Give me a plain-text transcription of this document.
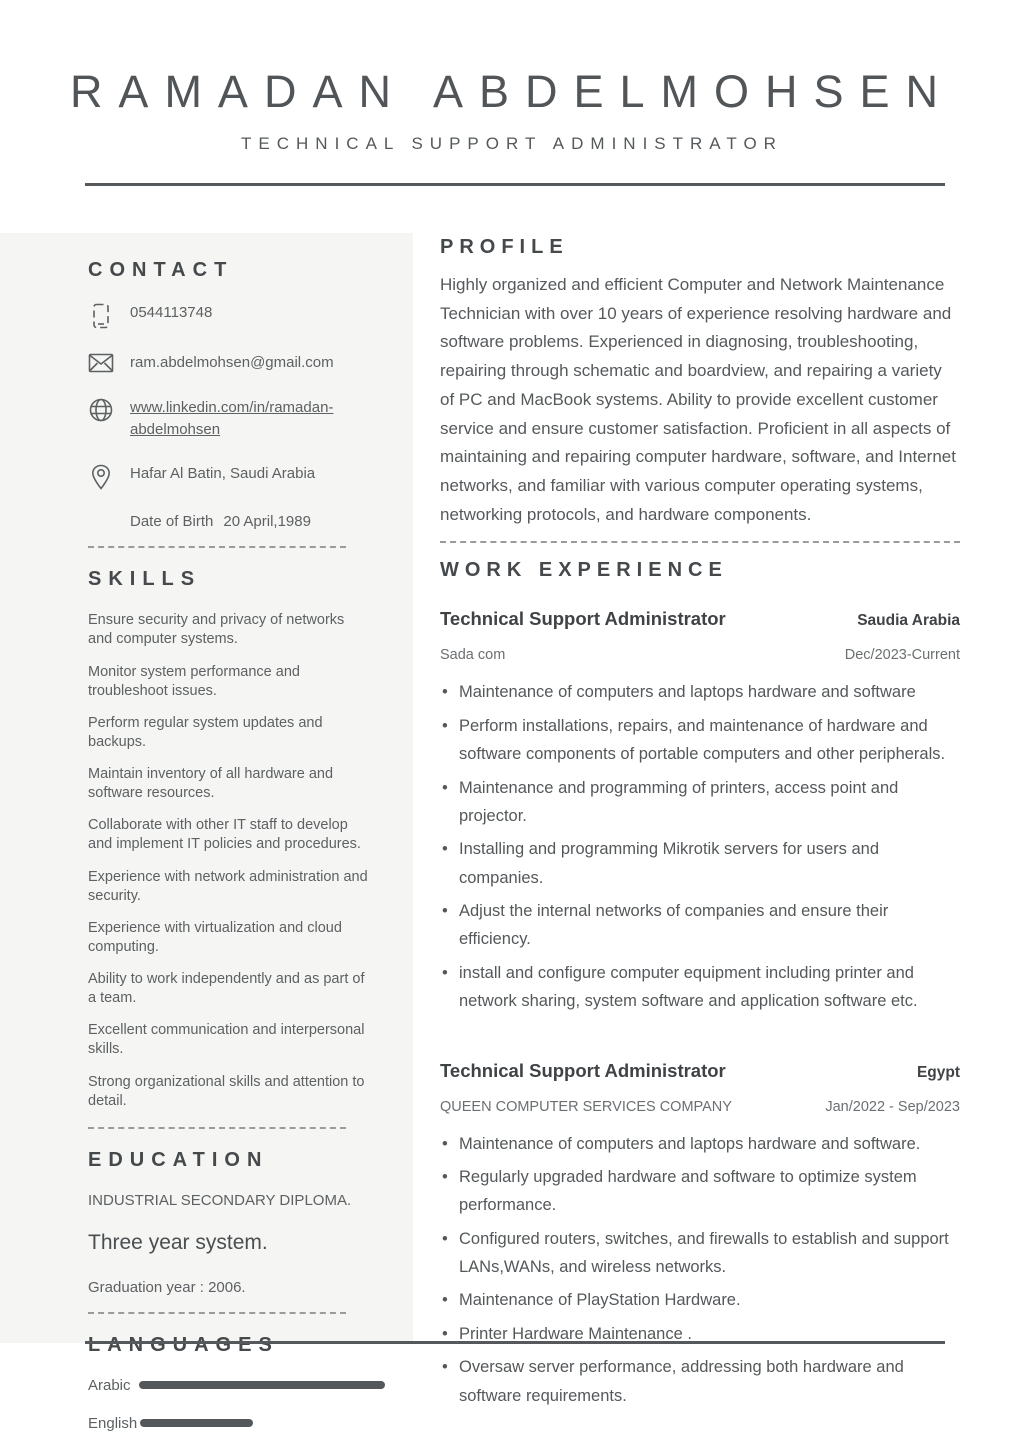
RAMADAN ABDELMOHSEN
TECHNICAL SUPPORT ADMINISTRATOR
CONTACT
0544113748
ram.abdelmohsen@gmail.com
www.linkedin.com/in/ramadan-abdelmohsen
Hafar Al Batin, Saudi Arabia
Date of Birth 20 April,1989
SKILLS
Ensure security and privacy of networks and computer systems.
Monitor system performance and troubleshoot issues.
Perform regular system updates and backups.
Maintain inventory of all hardware and software resources.
Collaborate with other IT staff to develop and implement IT policies and procedures.
Experience with network administration and security.
Experience with virtualization and cloud computing.
Ability to work independently and as part of a team.
Excellent communication and interpersonal skills.
Strong organizational skills and attention to detail.
EDUCATION
INDUSTRIAL SECONDARY DIPLOMA.
Three year system.
Graduation year : 2006.
LANGUAGES
Arabic
English
PROFILE

Highly organized and efficient Computer and Network Maintenance Technician with over 10 years of experience resolving hardware and software problems. Experienced in diagnosing, troubleshooting, repairing through schematic and boardview, and repairing a variety of PC and MacBook systems. Ability to provide excellent customer service and ensure customer satisfaction. Proficient in all aspects of maintaining and repairing computer hardware, software, and Internet networks, and familiar with various computer operating systems, networking protocols, and hardware components.

WORK EXPERIENCE
Technical Support Administrator	Saudia Arabia
Sada com	Dec/2023-Current
• Maintenance of computers and laptops hardware and software
• Perform installations, repairs, and maintenance of hardware and software components of portable computers and other peripherals.
• Maintenance and programming of printers, access point and projector.
• Installing and programming Mikrotik servers for users and companies.
• Adjust the internal networks of companies and ensure their efficiency.
• install and configure computer equipment including printer and network sharing, system software and application software etc.
Technical Support Administrator	Egypt
QUEEN COMPUTER SERVICES COMPANY	Jan/2022 - Sep/2023
• Maintenance of computers and laptops hardware and software.
• Regularly upgraded hardware and software to optimize system performance.
• Configured routers, switches, and firewalls to establish and support LANs,WANs, and wireless networks.
• Maintenance of PlayStation Hardware.
• Printer Hardware Maintenance .
• Oversaw server performance, addressing both hardware and software requirements.
